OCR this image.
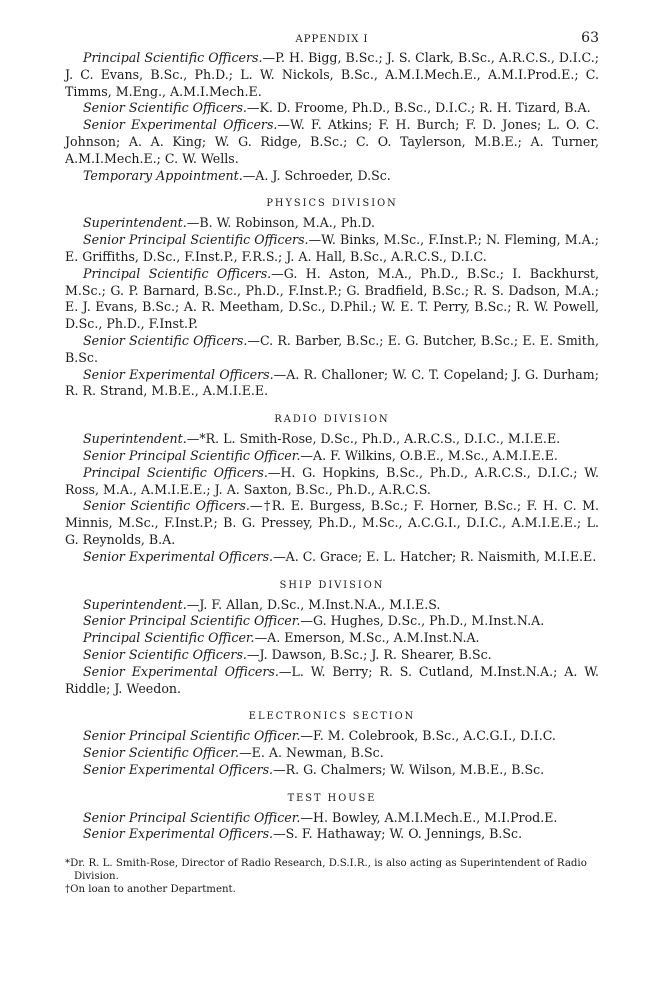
APPENDIX I	63

Principal Scientific Officers.—P. H. Bigg, B.Sc.; J. S. Clark, B.Sc., A.R.C.S., D.I.C.; J. C. Evans, B.Sc., Ph.D.; L. W. Nickols, B.Sc., A.M.I.Mech.E., A.M.I.Prod.E.; C. Timms, M.Eng., A.M.I.Mech.E.

Senior Scientific Officers.—K. D. Froome, Ph.D., B.Sc., D.I.C.; R. H. Tizard, B.A.

Senior Experimental Officers.—W. F. Atkins; F. H. Burch; F. D. Jones; L. O. C. Johnson; A. A. King; W. G. Ridge, B.Sc.; C. O. Taylerson, M.B.E.; A. Turner, A.M.I.Mech.E.; C. W. Wells.

Temporary Appointment.—A. J. Schroeder, D.Sc.

PHYSICS DIVISION

Superintendent.—B. W. Robinson, M.A., Ph.D.

Senior Principal Scientific Officers.—W. Binks, M.Sc., F.Inst.P.; N. Fleming, M.A.; E. Griffiths, D.Sc., F.Inst.P., F.R.S.; J. A. Hall, B.Sc., A.R.C.S., D.I.C.

Principal Scientific Officers.—G. H. Aston, M.A., Ph.D., B.Sc.; I. Backhurst, M.Sc.; G. P. Barnard, B.Sc., Ph.D., F.Inst.P.; G. Bradfield, B.Sc.; R. S. Dadson, M.A.; E. J. Evans, B.Sc.; A. R. Meetham, D.Sc., D.Phil.; W. E. T. Perry, B.Sc.; R. W. Powell, D.Sc., Ph.D., F.Inst.P.

Senior Scientific Officers.—C. R. Barber, B.Sc.; E. G. Butcher, B.Sc.; E. E. Smith, B.Sc.

Senior Experimental Officers.—A. R. Challoner; W. C. T. Copeland; J. G. Durham; R. R. Strand, M.B.E., A.M.I.E.E.

RADIO DIVISION

Superintendent.—*R. L. Smith-Rose, D.Sc., Ph.D., A.R.C.S., D.I.C., M.I.E.E.

Senior Principal Scientific Officer.—A. F. Wilkins, O.B.E., M.Sc., A.M.I.E.E.

Principal Scientific Officers.—H. G. Hopkins, B.Sc., Ph.D., A.R.C.S., D.I.C.; W. Ross, M.A., A.M.I.E.E.; J. A. Saxton, B.Sc., Ph.D., A.R.C.S.

Senior Scientific Officers.—†R. E. Burgess, B.Sc.; F. Horner, B.Sc.; F. H. C. M. Minnis, M.Sc., F.Inst.P.; B. G. Pressey, Ph.D., M.Sc., A.C.G.I., D.I.C., A.M.I.E.E.; L. G. Reynolds, B.A.

Senior Experimental Officers.—A. C. Grace; E. L. Hatcher; R. Naismith, M.I.E.E.

SHIP DIVISION

Superintendent.—J. F. Allan, D.Sc., M.Inst.N.A., M.I.E.S.

Senior Principal Scientific Officer.—G. Hughes, D.Sc., Ph.D., M.Inst.N.A.

Principal Scientific Officer.—A. Emerson, M.Sc., A.M.Inst.N.A.

Senior Scientific Officers.—J. Dawson, B.Sc.; J. R. Shearer, B.Sc.

Senior Experimental Officers.—L. W. Berry; R. S. Cutland, M.Inst.N.A.; A. W. Riddle; J. Weedon.

ELECTRONICS SECTION

Senior Principal Scientific Officer.—F. M. Colebrook, B.Sc., A.C.G.I., D.I.C.

Senior Scientific Officer.—E. A. Newman, B.Sc.

Senior Experimental Officers.—R. G. Chalmers; W. Wilson, M.B.E., B.Sc.

TEST HOUSE

Senior Principal Scientific Officer.—H. Bowley, A.M.I.Mech.E., M.I.Prod.E.

Senior Experimental Officers.—S. F. Hathaway; W. O. Jennings, B.Sc.

*Dr. R. L. Smith-Rose, Director of Radio Research, D.S.I.R., is also acting as Superintendent of Radio Division.

†On loan to another Department.
